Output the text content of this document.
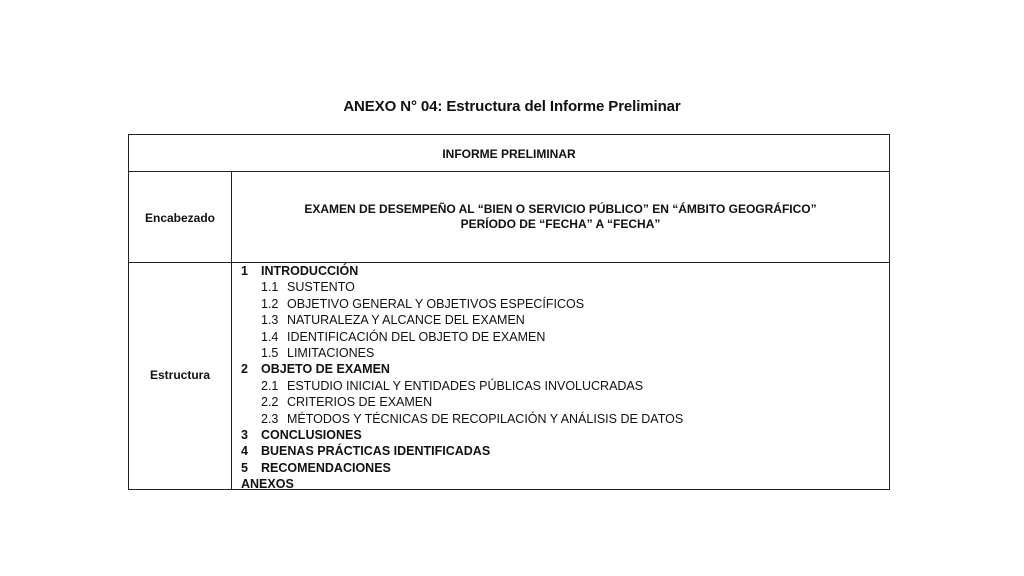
ANEXO N° 04: Estructura del Informe Preliminar
INFORME PRELIMINAR
Encabezado
EXAMEN DE DESEMPEÑO AL “BIEN O SERVICIO PÚBLICO” EN “ÁMBITO GEOGRÁFICO”
PERÍODO DE “FECHA” A “FECHA”
Estructura
1 INTRODUCCIÓN
1.1 SUSTENTO
1.2 OBJETIVO GENERAL Y OBJETIVOS ESPECÍFICOS
1.3 NATURALEZA Y ALCANCE DEL EXAMEN
1.4 IDENTIFICACIÓN DEL OBJETO DE EXAMEN
1.5 LIMITACIONES
2 OBJETO DE EXAMEN
2.1 ESTUDIO INICIAL Y ENTIDADES PÚBLICAS INVOLUCRADAS
2.2 CRITERIOS DE EXAMEN
2.3 MÉTODOS Y TÉCNICAS DE RECOPILACIÓN Y ANÁLISIS DE DATOS
3 CONCLUSIONES
4 BUENAS PRÁCTICAS IDENTIFICADAS
5 RECOMENDACIONES
ANEXOS
